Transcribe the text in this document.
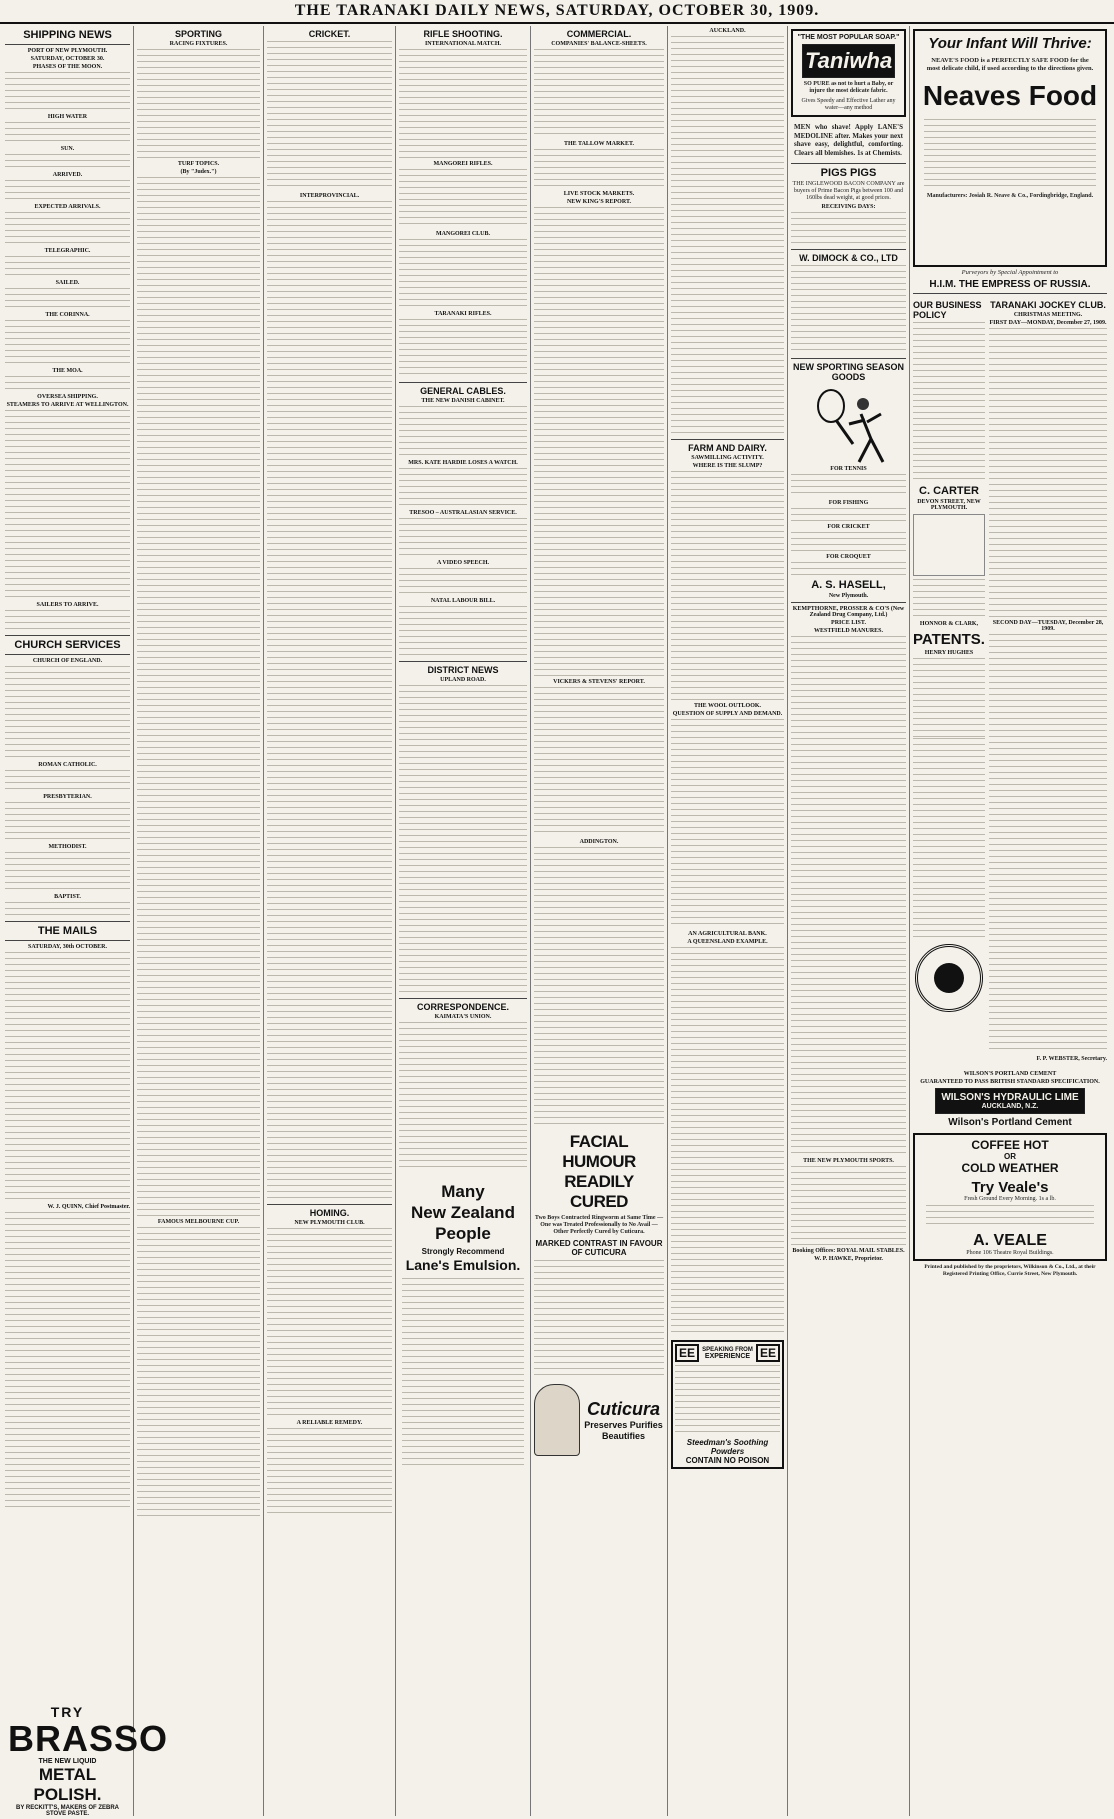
THE TARANAKI DAILY NEWS, SATURDAY, OCTOBER 30, 1909.
SHIPPING NEWS
PORT OF NEW PLYMOUTH.
SATURDAY, OCTOBER 30.
PHASES OF THE MOON.
HIGH WATER
SUN.
ARRIVED.
EXPECTED ARRIVALS.
TELEGRAPHIC.
SAILED.
THE CORINNA.
THE MOA.
OVERSEA SHIPPING.
STEAMERS TO ARRIVE AT WELLINGTON.
SAILERS TO ARRIVE.
CHURCH SERVICES
CHURCH OF ENGLAND.
ROMAN CATHOLIC.
PRESBYTERIAN.
METHODIST.
BAPTIST.
THE MAILS
SATURDAY, 30th OCTOBER.
W. J. QUINN, Chief Postmaster.
TRY
BRASSO
THE NEW LIQUID
METAL POLISH.
BY RECKITT'S, MAKERS OF ZEBRA STOVE PASTE.
SPORTING
RACING FIXTURES.
TURF TOPICS.
(By "Judex.")
FAMOUS MELBOURNE CUP.
CRICKET.
INTERPROVINCIAL.
HOMING.
NEW PLYMOUTH CLUB.
A RELIABLE REMEDY.
RIFLE SHOOTING.
INTERNATIONAL MATCH.
MANGOREI RIFLES.
MANGOREI CLUB.
TARANAKI RIFLES.
GENERAL CABLES.
THE NEW DANISH CABINET.
MRS. KATE HARDIE LOSES A WATCH.
TRESOO – AUSTRALASIAN SERVICE.
A VIDEO SPEECH.
NATAL LABOUR BILL.
DISTRICT NEWS
UPLAND ROAD.
CORRESPONDENCE.
KAIMATA'S UNION.
Many
New Zealand
People
Strongly Recommend
Lane's Emulsion.
COMMERCIAL.
COMPANIES' BALANCE-SHEETS.
THE TALLOW MARKET.
LIVE STOCK MARKETS.
NEW KING'S REPORT.
VICKERS & STEVENS' REPORT.
ADDINGTON.
FACIAL HUMOUR
READILY CURED
Two Boys Contracted Ringworm at Same Time — One was Treated Professionally to No Avail — Other Perfectly Cured by Cuticura.
MARKED CONTRAST IN FAVOUR OF CUTICURA
Cuticura
Preserves Purifies Beautifies
AUCKLAND.
FARM AND DAIRY.
SAWMILLING ACTIVITY.
WHERE IS THE SLUMP?
THE WOOL OUTLOOK.
QUESTION OF SUPPLY AND DEMAND.
AN AGRICULTURAL BANK.
A QUEENSLAND EXAMPLE.
EE	SPEAKING FROM
EXPERIENCE EE
Steedman's Soothing Powders
CONTAIN NO POISON
"THE MOST POPULAR SOAP."
Taniwha
SO PURE as not to hurt a Baby, or injure the most delicate fabric.
Gives Speedy and Effective Lather any water—any method
MEN who shave! Apply LANE'S MEDOLINE after. Makes your next shave easy, delightful, comforting. Clears all blemishes. 1s at Chemists.
PIGS PIGS
THE INGLEWOOD BACON COMPANY are buyers of Prime Bacon Pigs between 100 and 160lbs dead weight, at good prices.
RECEIVING DAYS:
W. DIMOCK & CO., LTD
NEW SPORTING SEASON GOODS
FOR TENNIS
FOR FISHING
FOR CRICKET
FOR CROQUET
A. S. HASELL,
New Plymouth.
KEMPTHORNE, PROSSER & CO'S (New Zealand Drug Company, Ltd.)
PRICE LIST.
WESTFIELD MANURES.
THE NEW PLYMOUTH SPORTS.
Booking Offices: ROYAL MAIL STABLES.
W. P. HAWKE, Proprietor.
Your Infant Will Thrive:
NEAVE'S FOOD is a PERFECTLY SAFE FOOD for the most delicate child, if used according to the directions given.
Neaves Food
Manufacturers: Josiah R. Neave & Co., Fordingbridge, England.
Purveyors by Special Appointment to
H.I.M. THE EMPRESS OF RUSSIA.
OUR BUSINESS POLICY
C. CARTER
DEVON STREET, NEW PLYMOUTH.
HONNOR & CLARK,
PATENTS.
HENRY HUGHES
TARANAKI JOCKEY CLUB.
CHRISTMAS MEETING.
FIRST DAY—MONDAY, December 27, 1909.
SECOND DAY—TUESDAY, December 28, 1909.
F. P. WEBSTER, Secretary.
WILSON'S PORTLAND CEMENT
GUARANTEED TO PASS BRITISH STANDARD SPECIFICATION.
WILSON'S HYDRAULIC LIME
AUCKLAND, N.Z.
Wilson's Portland Cement
COFFEE HOT
OR
COLD WEATHER
Try Veale's
Fresh Ground Every Morning. 1s a lb.
A. VEALE
Phone 106 Theatre Royal Buildings.
Printed and published by the proprietors, Wilkinson & Co., Ltd., at their Registered Printing Office, Currie Street, New Plymouth.
